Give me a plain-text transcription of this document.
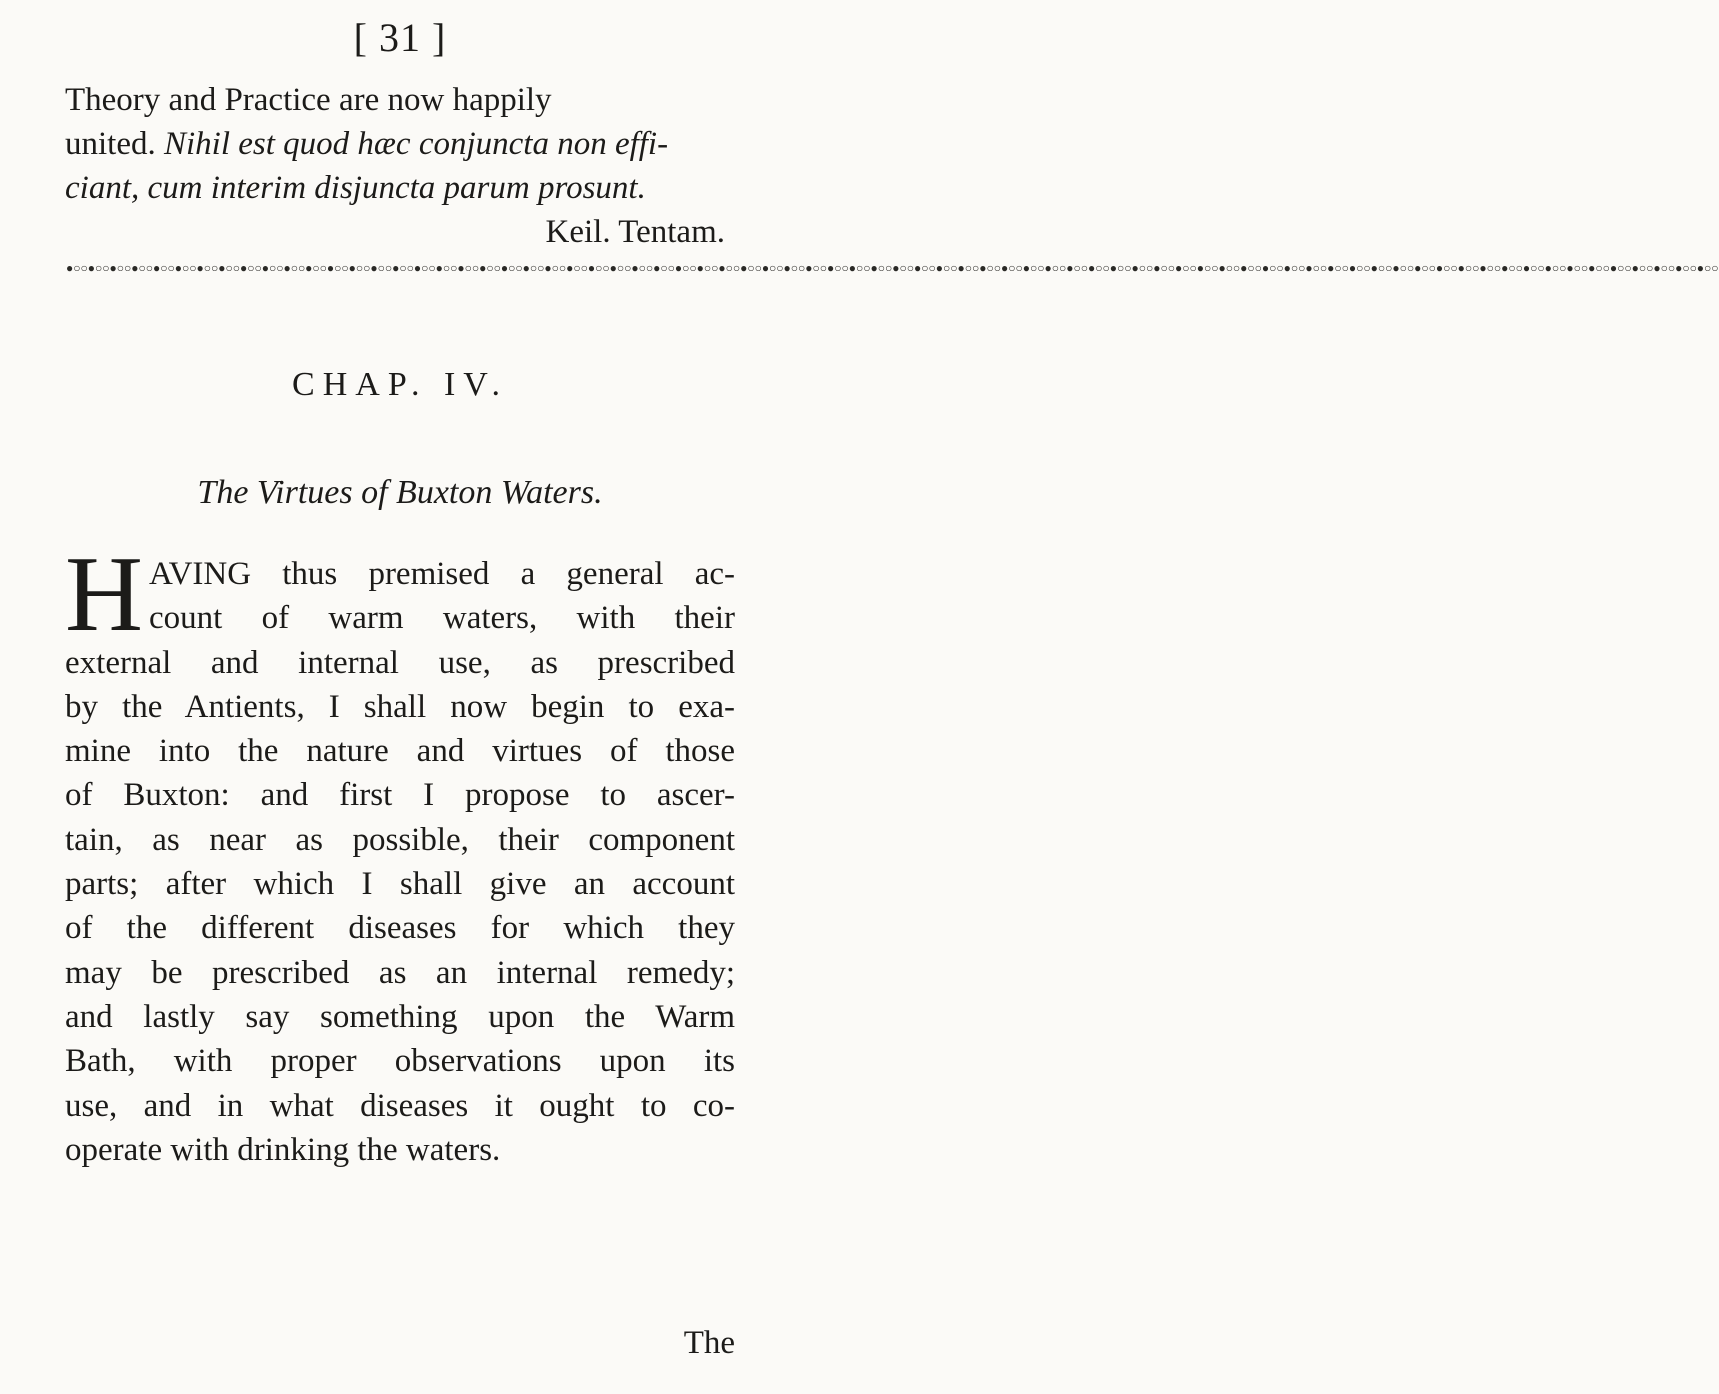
[ 31 ]
Theory and Practice are now happily
united. Nihil est quod hæc conjuncta non effi-
ciant, cum interim disjuncta parum prosunt.
Keil. Tentam.
●○○●○○●○○●○○●○○●○○●○○●○○●○○●○○●○○●○○●○○●○○●○○●○○●○○●○○●○○●○○●○○●○○●○○●○○●○○●○○●○○●○○●○○●○○●○○●○○●○○●○○●○○●○○●○○●○○●○○●○○●○○●○○●○○●○○●○○●○○●○○●○○●○○●○○●○○●○○●○○●○○●○○●○○●○○●○○●○○●○○●○○●○○●○○●○○●○○●○○●○○●○○●○○●○○●○○●○○●○○●○○●○○●○○
CHAP. IV.
The Virtues of Buxton Waters.
H AVING thus premised a general ac-
count of warm waters, with their
external and internal use, as prescribed
by the Antients, I shall now begin to exa-
mine into the nature and virtues of those
of Buxton: and first I propose to ascer-
tain, as near as possible, their component
parts; after which I shall give an account
of the different diseases for which they
may be prescribed as an internal remedy;
and lastly say something upon the Warm
Bath, with proper observations upon its
use, and in what diseases it ought to co-
operate with drinking the waters.
The
